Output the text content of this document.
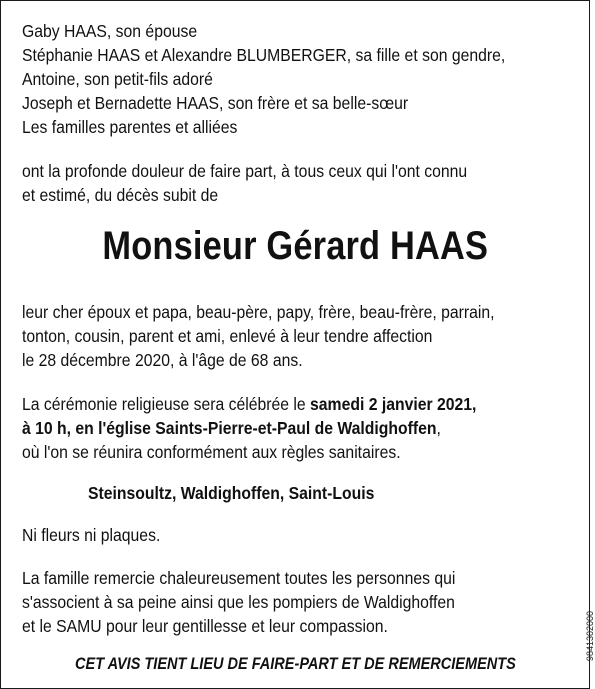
Gaby HAAS, son épouse
Stéphanie HAAS et Alexandre BLUMBERGER, sa fille et son gendre,
Antoine, son petit-fils adoré
Joseph et Bernadette HAAS, son frère et sa belle-sœur
Les familles parentes et alliées
ont la profonde douleur de faire part, à tous ceux qui l'ont connu
et estimé, du décès subit de
Monsieur Gérard HAAS
leur cher époux et papa, beau-père, papy, frère, beau-frère, parrain,
tonton, cousin, parent et ami, enlevé à leur tendre affection
le 28 décembre 2020, à l'âge de 68 ans.
La cérémonie religieuse sera célébrée le samedi 2 janvier 2021,
à 10 h, en l'église Saints-Pierre-et-Paul de Waldighoffen,
où l'on se réunira conformément aux règles sanitaires.
Steinsoultz, Waldighoffen, Saint-Louis
Ni fleurs ni plaques.
La famille remercie chaleureusement toutes les personnes qui
s'associent à sa peine ainsi que les pompiers de Waldighoffen
et le SAMU pour leur gentillesse et leur compassion.
CET AVIS TIENT LIEU DE FAIRE-PART ET DE REMERCIEMENTS
9841302000
